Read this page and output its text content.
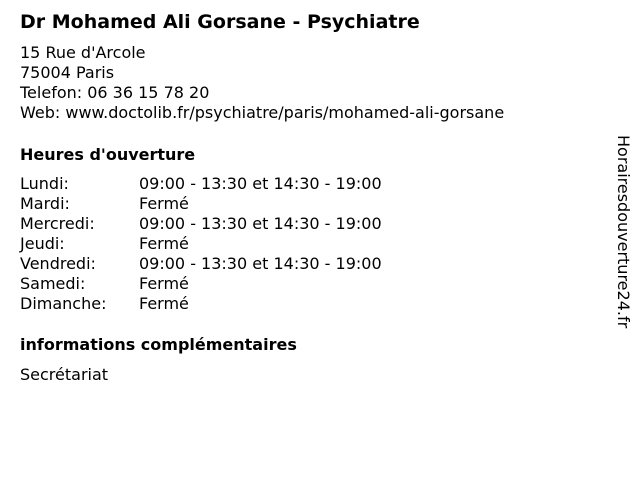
Dr Mohamed Ali Gorsane - Psychiatre
15 Rue d'Arcole
75004 Paris
Telefon: 06 36 15 78 20
Web: www.doctolib.fr/psychiatre/paris/mohamed-ali-gorsane
Heures d'ouverture
Lundi:	09:00 - 13:30 et 14:30 - 19:00
Mardi:	Fermé
Mercredi:	09:00 - 13:30 et 14:30 - 19:00
Jeudi:	Fermé
Vendredi:	09:00 - 13:30 et 14:30 - 19:00
Samedi:	Fermé
Dimanche:	Fermé
informations complémentaires
Secrétariat
Horairesdouverture24.fr
